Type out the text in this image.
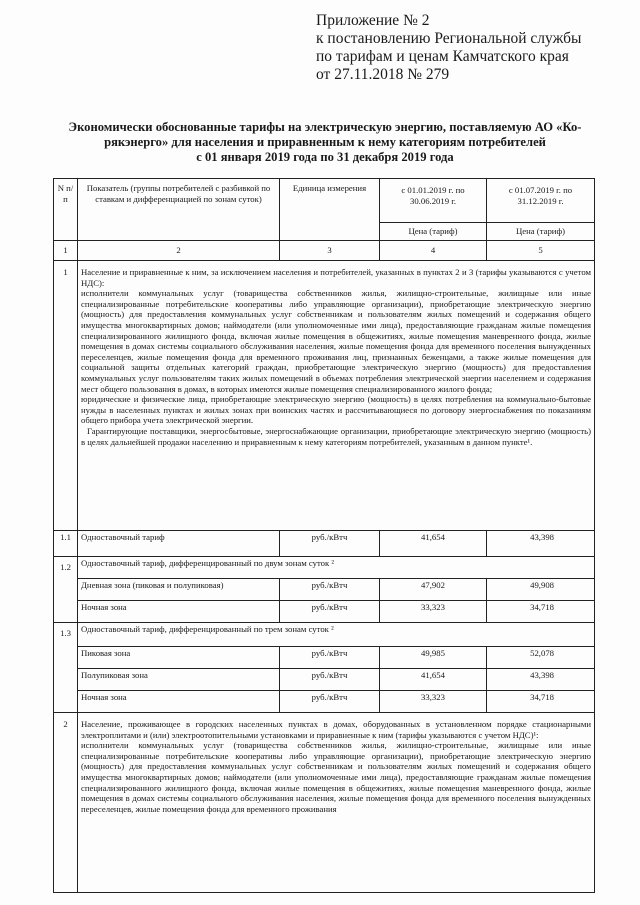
Приложение № 2
к постановлению Региональной службы
по тарифам и ценам Камчатского края
от 27.11.2018 № 279
Экономически обоснованные тарифы на электрическую энергию, поставляемую АО «Ко-
рякэнерго» для населения и приравненным к нему категориям потребителей
с 01 января 2019 года по 31 декабря 2019 года
N п/п	Показатель (группы потребителей с разбивкой по ставкам и дифференциацией по зонам суток)	Единица измерения	с 01.01.2019 г. по 30.06.2019 г.	с 01.07.2019 г. по 31.12.2019 г.
			Цена (тариф)	Цена (тариф)
1	2	3	4	5
1	Население и приравненные к ним, за исключением населения и потребителей, указанных в пунктах 2 и 3 (тарифы указываются с учетом НДС):

исполнители коммунальных услуг (товарищества собственников жилья, жилищно-строительные, жилищные или иные специализированные потребительские кооперативы либо управляющие организации), приобретающие электрическую энергию (мощность) для предоставления коммунальных услуг собственникам и пользователям жилых помещений и содержания общего имущества многоквартирных домов; наймодатели (или уполномоченные ими лица), предоставляющие гражданам жилые помещения специализированного жилищного фонда, включая жилые помещения в общежитиях, жилые помещения маневренного фонда, жилые помещения в домах системы социального обслуживания населения, жилые помещения фонда для временного поселения вынужденных переселенцев, жилые помещения фонда для временного проживания лиц, признанных беженцами, а также жилые помещения для социальной защиты отдельных категорий граждан, приобретающие электрическую энергию (мощность) для предоставления коммунальных услуг пользователям таких жилых помещений в объемах потребления электрической энергии населением и содержания мест общего пользования в домах, в которых имеются жилые помещения специализированного жилого фонда;

юридические и физические лица, приобретающие электрическую энергию (мощность) в целях потребления на коммунально-бытовые нужды в населенных пунктах и жилых зонах при воинских частях и рассчитывающиеся по договору энергоснабжения по показаниям общего прибора учета электрической энергии.

Гарантирующие поставщики, энергосбытовые, энергоснабжающие организации, приобретающие электрическую энергию (мощность) в целях дальнейшей продажи населению и приравненным к нему категориям потребителей, указанным в данном пункте¹.			

1.1	Одноставочный тариф	руб./кВтч	41,654	43,398
1.2	Одноставочный тариф, дифференцированный по двум зонам суток ²			
	Дневная зона (пиковая и полупиковая)	руб./кВтч	47,902	49,908
	Ночная зона	руб./кВтч	33,323	34,718
1.3	Одноставочный тариф, дифференцированный по трем зонам суток ²			
	Пиковая зона	руб./кВтч	49,985	52,078
	Полупиковая зона	руб./кВтч	41,654	43,398
	Ночная зона	руб./кВтч	33,323	34,718
2	Население, проживающее в городских населенных пунктах в домах, оборудованных в установленном порядке стационарными электроплитами и (или) электроотопительными установками и приравненные к ним (тарифы указываются с учетом НДС)¹:

исполнители коммунальных услуг (товарищества собственников жилья, жилищно-строительные, жилищные или иные специализированные потребительские кооперативы либо управляющие организации), приобретающие электрическую энергию (мощность) для предоставления коммунальных услуг собственникам и пользователям жилых помещений и содержания общего имущества многоквартирных домов; наймодатели (или уполномоченные ими лица), предоставляющие гражданам жилые помещения специализированного жилищного фонда, включая жилые помещения в общежитиях, жилые помещения маневренного фонда, жилые помещения в домах системы социального обслуживания населения, жилые помещения фонда для временного поселения вынужденных переселенцев, жилые помещения фонда для временного проживания			
